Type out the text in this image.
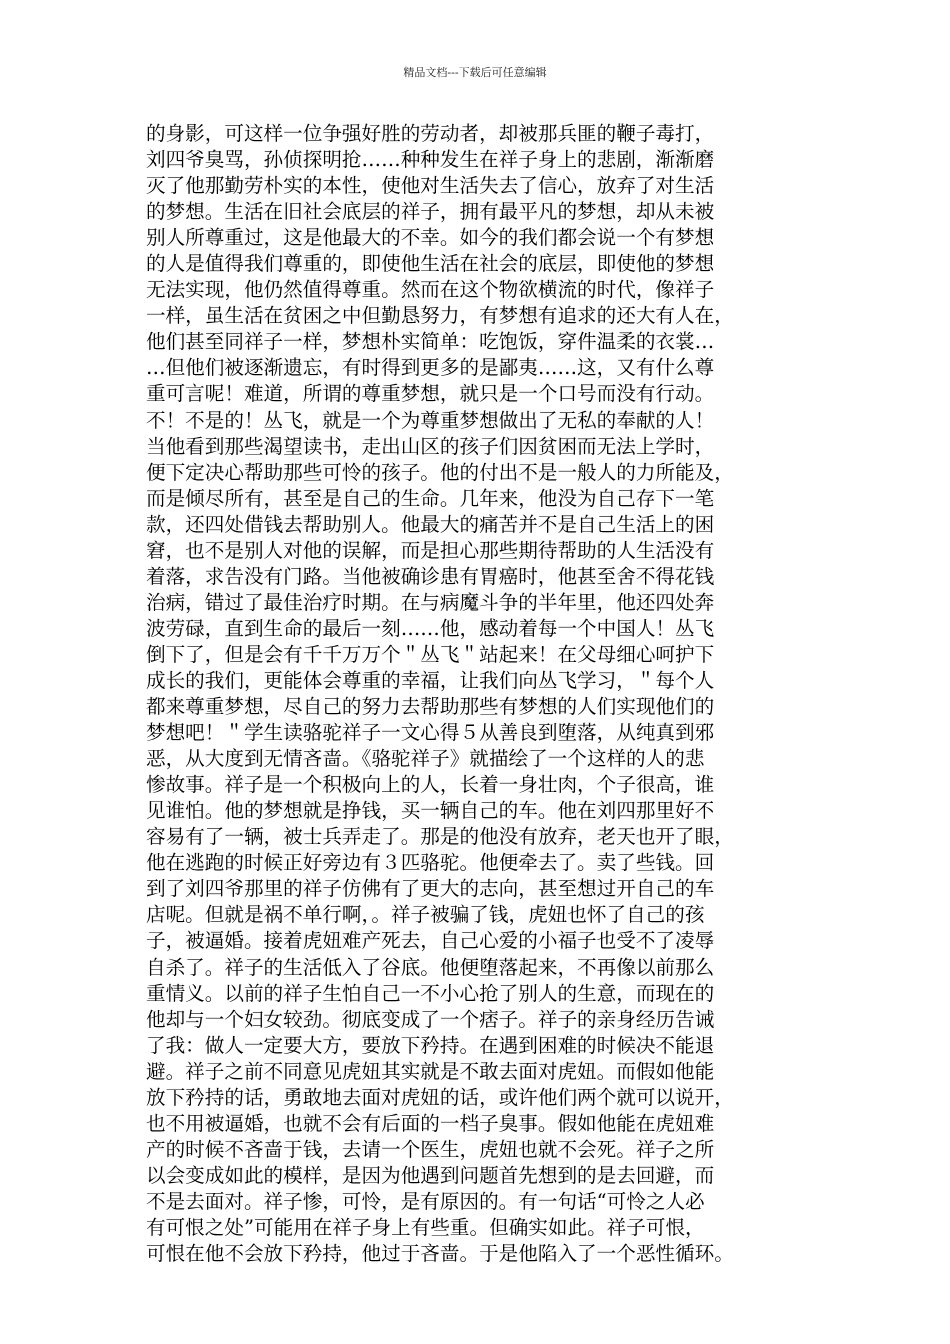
精品文档---下载后可任意编辑
的身影，可这样一位争强好胜的劳动者，却被那兵匪的鞭子毒打，
刘四爷臭骂，孙侦探明抢……种种发生在祥子身上的悲剧，渐渐磨
灭了他那勤劳朴实的本性，使他对生活失去了信心，放弃了对生活
的梦想。生活在旧社会底层的祥子，拥有最平凡的梦想，却从未被
别人所尊重过，这是他最大的不幸。如今的我们都会说一个有梦想
的人是值得我们尊重的，即使他生活在社会的底层，即使他的梦想
无法实现，他仍然值得尊重。然而在这个物欲横流的时代，像祥子
一样，虽生活在贫困之中但勤恳努力，有梦想有追求的还大有人在，
他们甚至同祥子一样，梦想朴实简单：吃饱饭，穿件温柔的衣裳…
…但他们被逐渐遗忘，有时得到更多的是鄙夷……这，又有什么尊
重可言呢！难道，所谓的尊重梦想，就只是一个口号而没有行动。
不！不是的！丛飞，就是一个为尊重梦想做出了无私的奉献的人！
当他看到那些渴望读书，走出山区的孩子们因贫困而无法上学时，
便下定决心帮助那些可怜的孩子。他的付出不是一般人的力所能及，
而是倾尽所有，甚至是自己的生命。几年来，他没为自己存下一笔
款，还四处借钱去帮助别人。他最大的痛苦并不是自己生活上的困
窘，也不是别人对他的误解，而是担心那些期待帮助的人生活没有
着落，求告没有门路。当他被确诊患有胃癌时，他甚至舍不得花钱
治病，错过了最佳治疗时期。在与病魔斗争的半年里，他还四处奔
波劳碌，直到生命的最后一刻……他，感动着每一个中国人！丛飞
倒下了，但是会有千千万万个＂丛飞＂站起来！在父母细心呵护下
成长的我们，更能体会尊重的幸福，让我们向丛飞学习，＂每个人
都来尊重梦想，尽自己的努力去帮助那些有梦想的人们实现他们的
梦想吧！＂学生读骆驼祥子一文心得５从善良到堕落，从纯真到邪
恶，从大度到无情吝啬。《骆驼祥子》就描绘了一个这样的人的悲
惨故事。祥子是一个积极向上的人，长着一身壮肉，个子很高，谁
见谁怕。他的梦想就是挣钱，买一辆自己的车。他在刘四那里好不
容易有了一辆，被士兵弄走了。那是的他没有放弃，老天也开了眼，
他在逃跑的时候正好旁边有３匹骆驼。他便牵去了。卖了些钱。回
到了刘四爷那里的祥子仿佛有了更大的志向，甚至想过开自己的车
店呢。但就是祸不单行啊，。祥子被骗了钱，虎妞也怀了自己的孩
子，被逼婚。接着虎妞难产死去，自己心爱的小福子也受不了凌辱
自杀了。祥子的生活低入了谷底。他便堕落起来，不再像以前那么
重情义。以前的祥子生怕自己一不小心抢了别人的生意，而现在的
他却与一个妇女较劲。彻底变成了一个痞子。祥子的亲身经历告诫
了我：做人一定要大方，要放下矜持。在遇到困难的时候决不能退
避。祥子之前不同意见虎妞其实就是不敢去面对虎妞。而假如他能
放下矜持的话，勇敢地去面对虎妞的话，或许他们两个就可以说开，
也不用被逼婚，也就不会有后面的一档子臭事。假如他能在虎妞难
产的时候不吝啬于钱，去请一个医生，虎妞也就不会死。祥子之所
以会变成如此的模样，是因为他遇到问题首先想到的是去回避，而
不是去面对。祥子惨，可怜，是有原因的。有一句话“可怜之人必
有可恨之处”可能用在祥子身上有些重。但确实如此。祥子可恨，
可恨在他不会放下矜持，他过于吝啬。于是他陷入了一个恶性循环。
